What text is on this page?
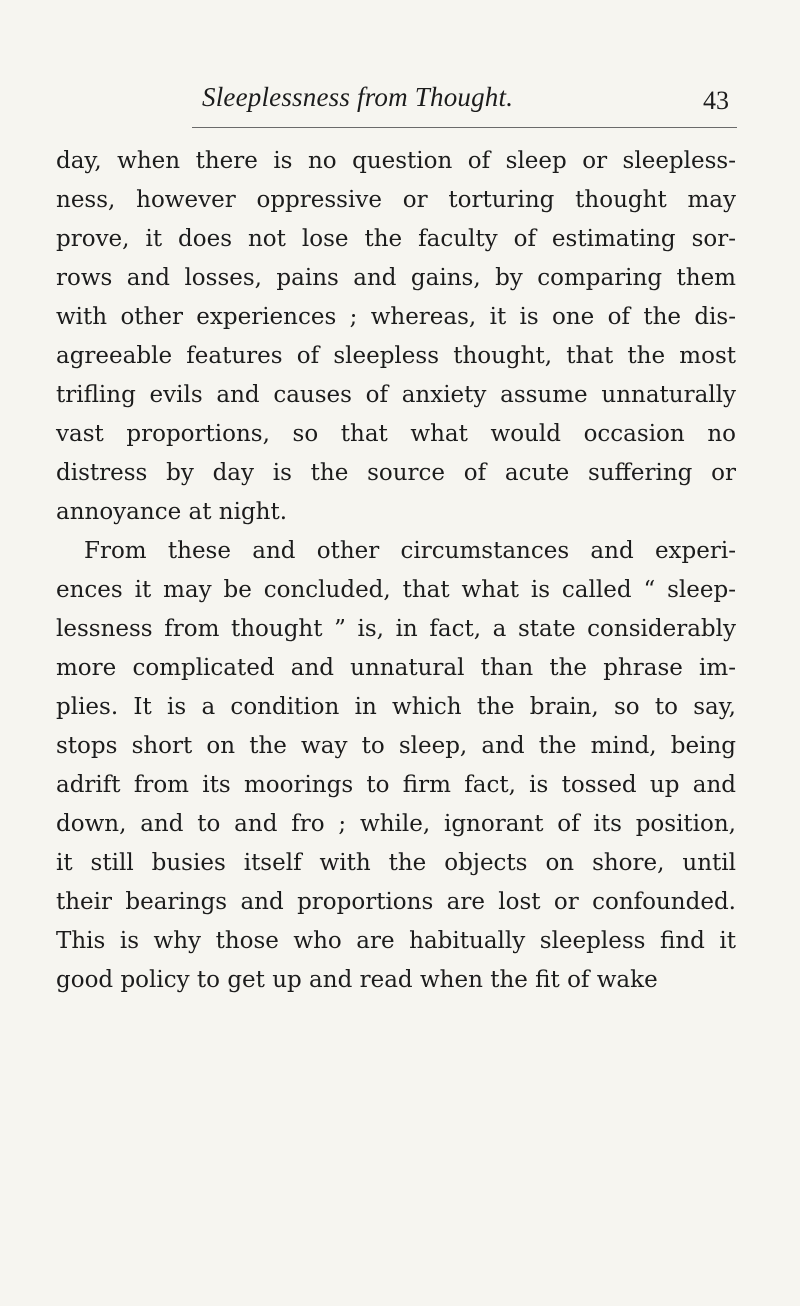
Sleeplessness from Thought.	43
day, when there is no question of sleep or sleepless-
ness, however oppressive or torturing thought may
prove, it does not lose the faculty of estimating sor-
rows and losses, pains and gains, by comparing them
with other experiences ; whereas, it is one of the dis-
agreeable features of sleepless thought, that the most
trifling evils and causes of anxiety assume unnaturally
vast proportions, so that what would occasion no
distress by day is the source of acute suffering or
annoyance at night.
From these and other circumstances and experi-
ences it may be concluded, that what is called “ sleep-
lessness from thought ” is, in fact, a state considerably
more complicated and unnatural than the phrase im-
plies. It is a condition in which the brain, so to say,
stops short on the way to sleep, and the mind, being
adrift from its moorings to firm fact, is tossed up and
down, and to and fro ; while, ignorant of its position,
it still busies itself with the objects on shore, until
their bearings and proportions are lost or confounded.
This is why those who are habitually sleepless find it
good policy to get up and read when the fit of wake
